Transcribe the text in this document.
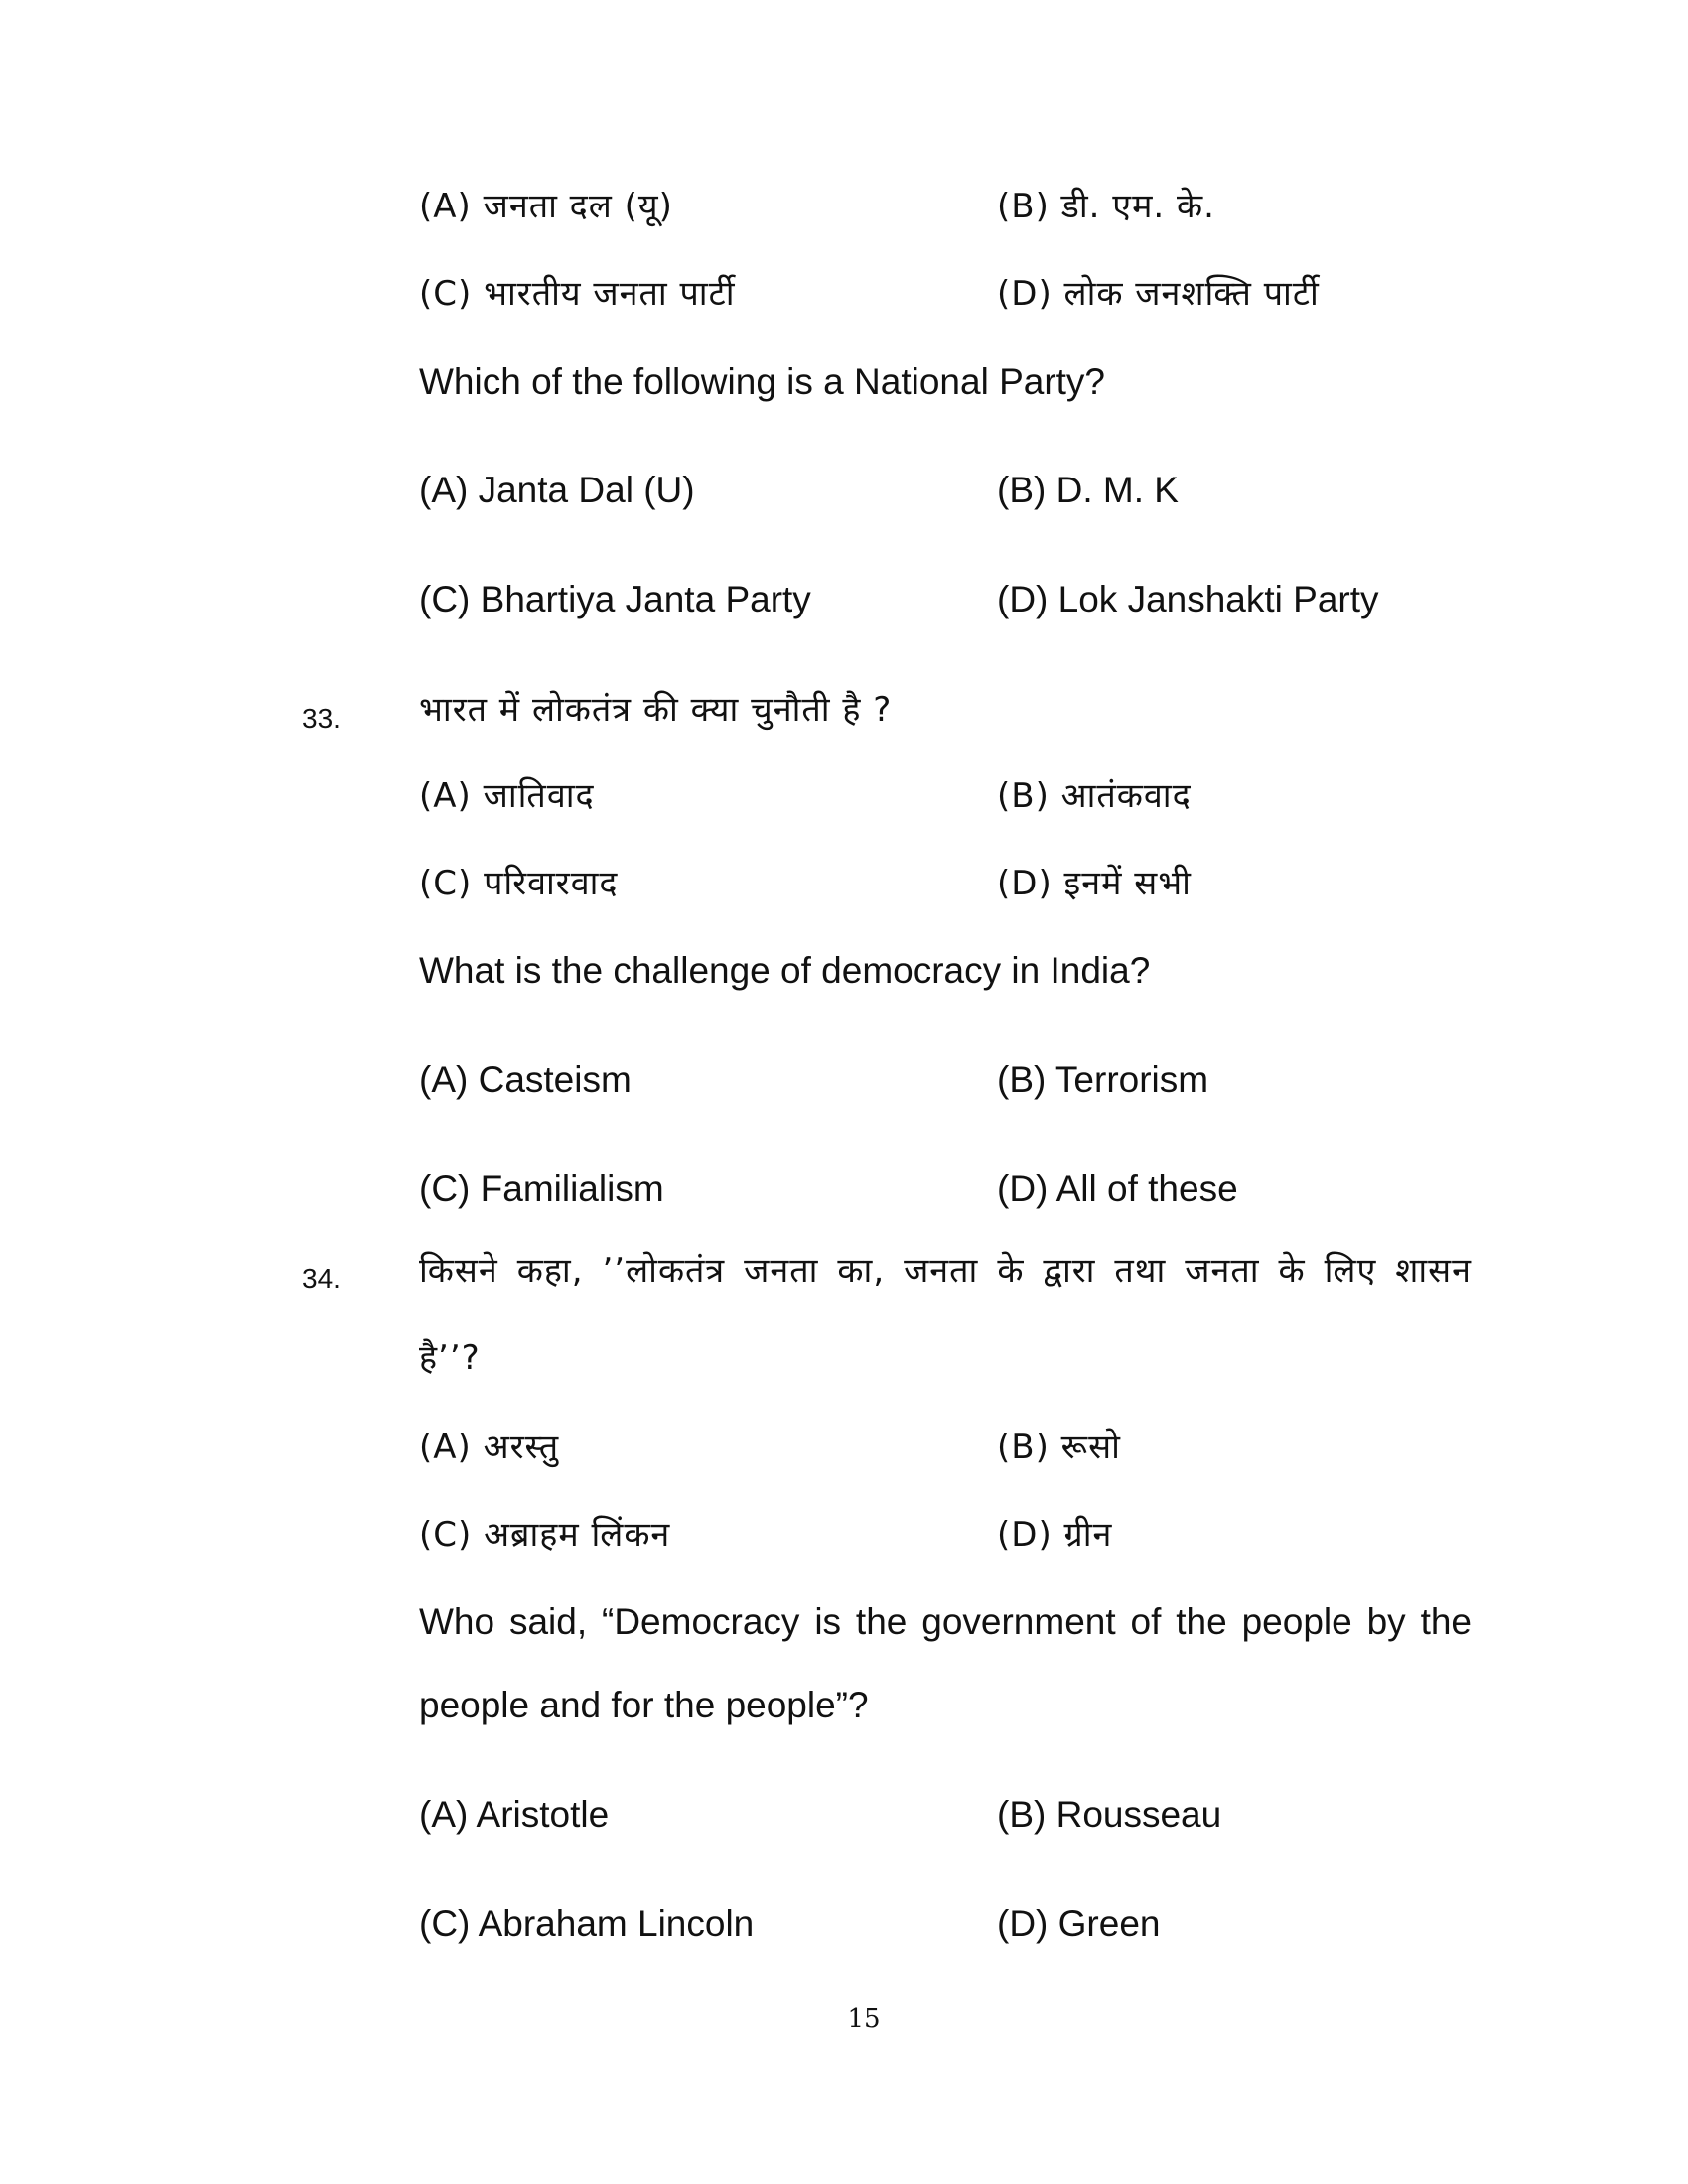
(A) जनता दल (यू)	(B) डी. एम. के.
(C) भारतीय जनता पार्टी	(D) लोक जनशक्ति पार्टी
Which of the following is a National Party?
(A) Janta Dal (U)	(B) D. M. K
(C) Bhartiya Janta Party	(D) Lok Janshakti Party
33. भारत में लोकतंत्र की क्या चुनौती है ?
(A) जातिवाद	(B) आतंकवाद
(C) परिवारवाद	(D) इनमें सभी
What is the challenge of democracy in India?
(A) Casteism	(B) Terrorism
(C) Familialism	(D) All of these
34. किसने कहा, ’’लोकतंत्र जनता का, जनता के द्वारा तथा जनता के लिए शासन
है’’?
(A) अरस्तु	(B) रूसो
(C) अब्राहम लिंकन	(D) ग्रीन
Who said, “Democracy is the government of the people by the
people and for the people”?
(A) Aristotle	(B) Rousseau
(C) Abraham Lincoln	(D) Green
15
